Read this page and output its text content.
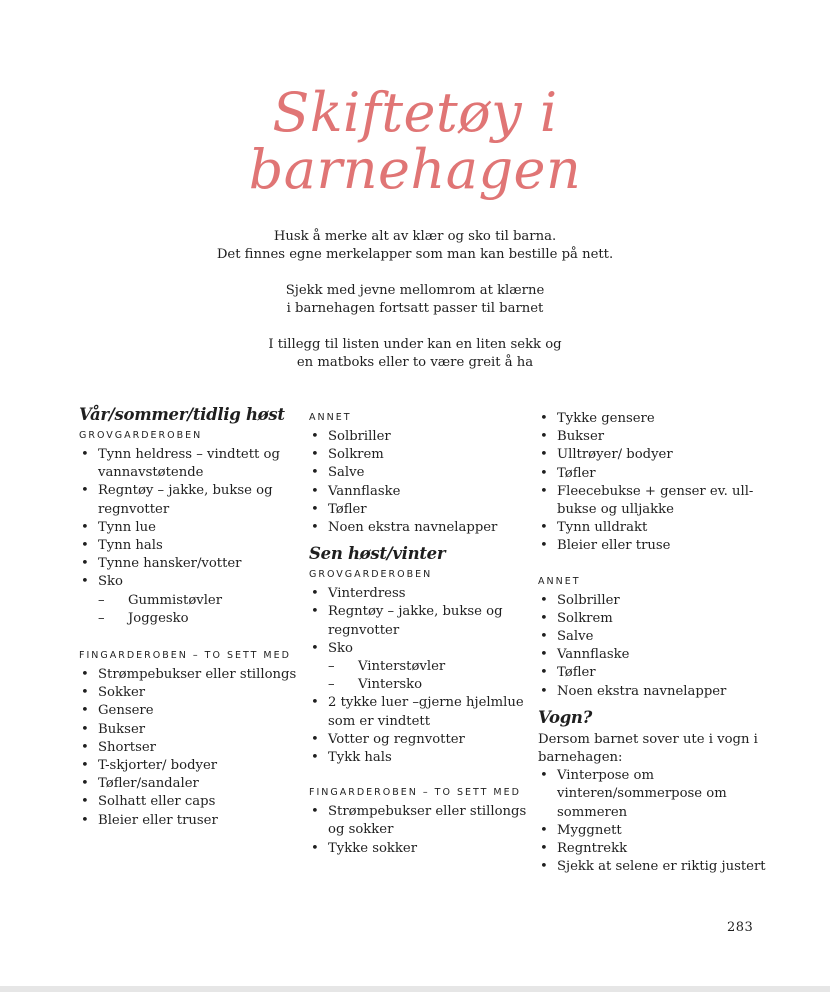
Skiftetøy i
barnehagen

Husk å merke alt av klær og sko til barna.
Det finnes egne merkelapper som man kan bestille på nett.

Sjekk med jevne mellomrom at klærne
i barnehagen fortsatt passer til barnet

I tillegg til listen under kan en liten sekk og
en matboks eller to være greit å ha

Vår/sommer/tidlig høst
GROVGARDEROBEN
• Tynn heldress – vindtett og vannavstøtende
• Regntøy – jakke, bukse og regnvotter
• Tynn lue
• Tynn hals
• Tynne hansker/votter
• Sko
– Gummistøvler
– Joggesko
FINGARDEROBEN – TO SETT MED
• Strømpebukser eller stillongs
• Sokker
• Gensere
• Bukser
• Shortser
• T-skjorter/ bodyer
• Tøfler/sandaler
• Solhatt eller caps
• Bleier eller truser
ANNET
• Solbriller
• Solkrem
• Salve
• Vannflaske
• Tøfler
• Noen ekstra navnelapper
Sen høst/vinter
GROVGARDEROBEN
• Vinterdress
• Regntøy – jakke, bukse og regnvotter
• Sko
– Vinterstøvler
– Vintersko
• 2 tykke luer –gjerne hjelmlue som er vindtett
• Votter og regnvotter
• Tykk hals
FINGARDEROBEN – TO SETT MED
• Strømpebukser eller stillongs og sokker
• Tykke sokker
• Tykke gensere
• Bukser
• Ulltrøyer/ bodyer
• Tøfler
• Fleecebukse + genser ev. ull-bukse og ulljakke
• Tynn ulldrakt
• Bleier eller truse
ANNET
• Solbriller
• Solkrem
• Salve
• Vannflaske
• Tøfler
• Noen ekstra navnelapper
Vogn?

Dersom barnet sover ute i vogn i barnehagen:

• Vinterpose om vinteren/sommerpose om sommeren
• Myggnett
• Regntrekk
• Sjekk at selene er riktig justert
283
